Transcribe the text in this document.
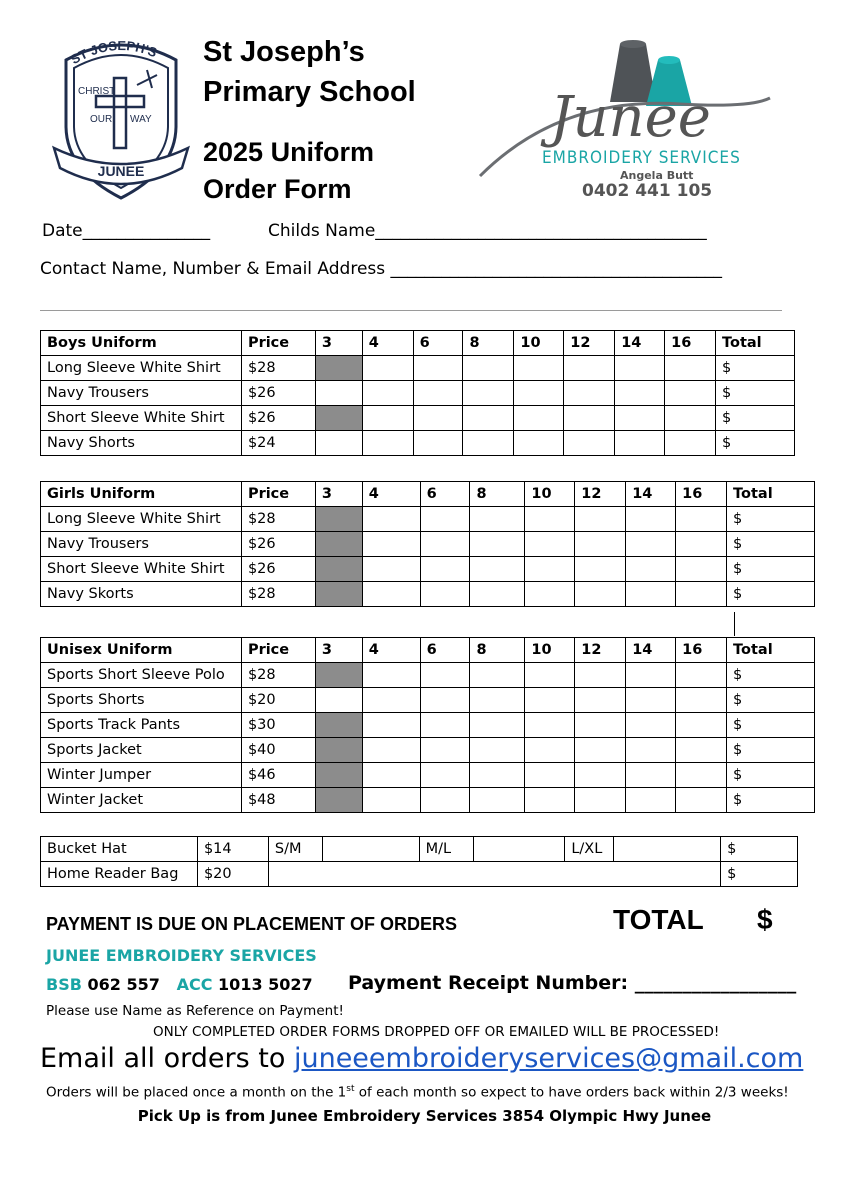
ST JOSEPH'S
CHRIST
OUR WAY
JUNEE
St Joseph’s
Primary School
2025 Uniform
Order Form
Junee
EMBROIDERY SERVICES
Angela Butt
0402 441 105
Date_______________	Childs Name_______________________________________
Contact Name, Number & Email Address _______________________________________
Boys Uniform	Price	3	4	6	8	10	12	14	16	Total
Long Sleeve White Shirt	$28									$
Navy Trousers	$26									$
Short Sleeve White Shirt	$26									$
Navy Shorts	$24									$
Girls Uniform	Price	3	4	6	8	10	12	14	16	Total
Long Sleeve White Shirt	$28									$
Navy Trousers	$26									$
Short Sleeve White Shirt	$26									$
Navy Skorts	$28									$
Unisex Uniform	Price	3	4	6	8	10	12	14	16	Total
Sports Short Sleeve Polo	$28									$
Sports Shorts	$20									$
Sports Track Pants	$30									$
Sports Jacket	$40									$
Winter Jumper	$46									$
Winter Jacket	$48									$
Bucket Hat	$14	S/M		M/L		L/XL		$
Home Reader Bag	$20							$
PAYMENT IS DUE ON PLACEMENT OF ORDERS	TOTAL $
JUNEE EMBROIDERY SERVICES
BSB 062 557 ACC 1013 5027 Payment Receipt Number: _________________
Please use Name as Reference on Payment!
ONLY COMPLETED ORDER FORMS DROPPED OFF OR EMAILED WILL BE PROCESSED!
Email all orders to juneeembroideryservices@gmail.com
Orders will be placed once a month on the 1st of each month so expect to have orders back within 2/3 weeks!
Pick Up is from Junee Embroidery Services 3854 Olympic Hwy Junee
